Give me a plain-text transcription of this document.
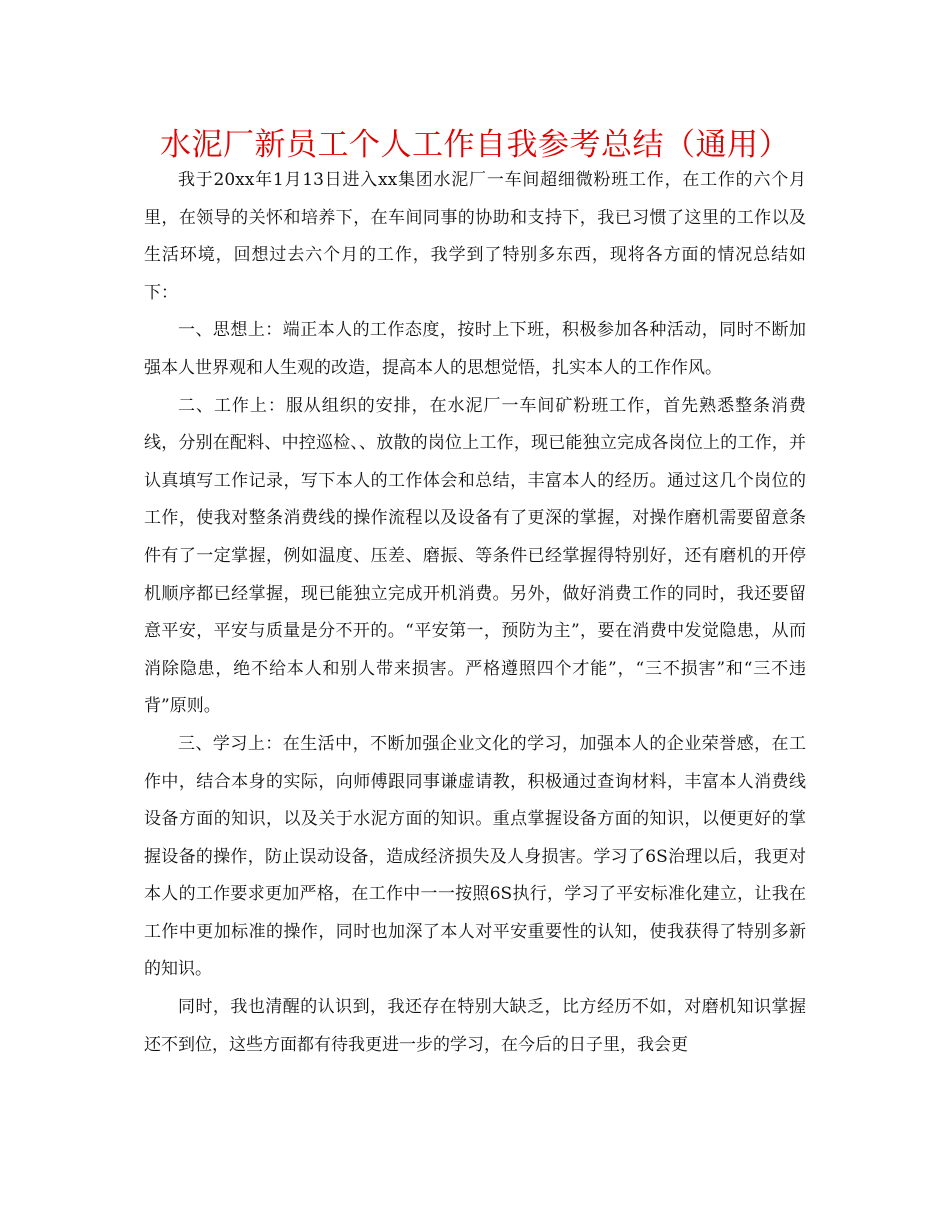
水泥厂新员工个人工作自我参考总结（通用）

我于20xx年1月13日进入xx集团水泥厂一车间超细微粉班工作，在工作的六个月里，在领导的关怀和培养下，在车间同事的协助和支持下，我已习惯了这里的工作以及生活环境，回想过去六个月的工作，我学到了特别多东西，现将各方面的情况总结如下：

一、思想上：端正本人的工作态度，按时上下班，积极参加各种活动，同时不断加强本人世界观和人生观的改造，提高本人的思想觉悟，扎实本人的工作作风。

二、工作上：服从组织的安排，在水泥厂一车间矿粉班工作，首先熟悉整条消费线，分别在配料、中控巡检、、放散的岗位上工作，现已能独立完成各岗位上的工作，并认真填写工作记录，写下本人的工作体会和总结，丰富本人的经历。通过这几个岗位的工作，使我对整条消费线的操作流程以及设备有了更深的掌握，对操作磨机需要留意条件有了一定掌握，例如温度、压差、磨振、等条件已经掌握得特别好，还有磨机的开停机顺序都已经掌握，现已能独立完成开机消费。另外，做好消费工作的同时，我还要留意平安，平安与质量是分不开的。“平安第一，预防为主”，要在消费中发觉隐患，从而消除隐患，绝不给本人和别人带来损害。严格遵照四个才能”，“三不损害”和“三不违背”原则。

三、学习上：在生活中，不断加强企业文化的学习，加强本人的企业荣誉感，在工作中，结合本身的实际，向师傅跟同事谦虚请教，积极通过查询材料，丰富本人消费线设备方面的知识，以及关于水泥方面的知识。重点掌握设备方面的知识，以便更好的掌握设备的操作，防止误动设备，造成经济损失及人身损害。学习了6S治理以后，我更对本人的工作要求更加严格，在工作中一一按照6S执行，学习了平安标准化建立，让我在工作中更加标准的操作，同时也加深了本人对平安重要性的认知，使我获得了特别多新的知识。

同时，我也清醒的认识到，我还存在特别大缺乏，比方经历不如，对磨机知识掌握还不到位，这些方面都有待我更进一步的学习，在今后的日子里，我会更
